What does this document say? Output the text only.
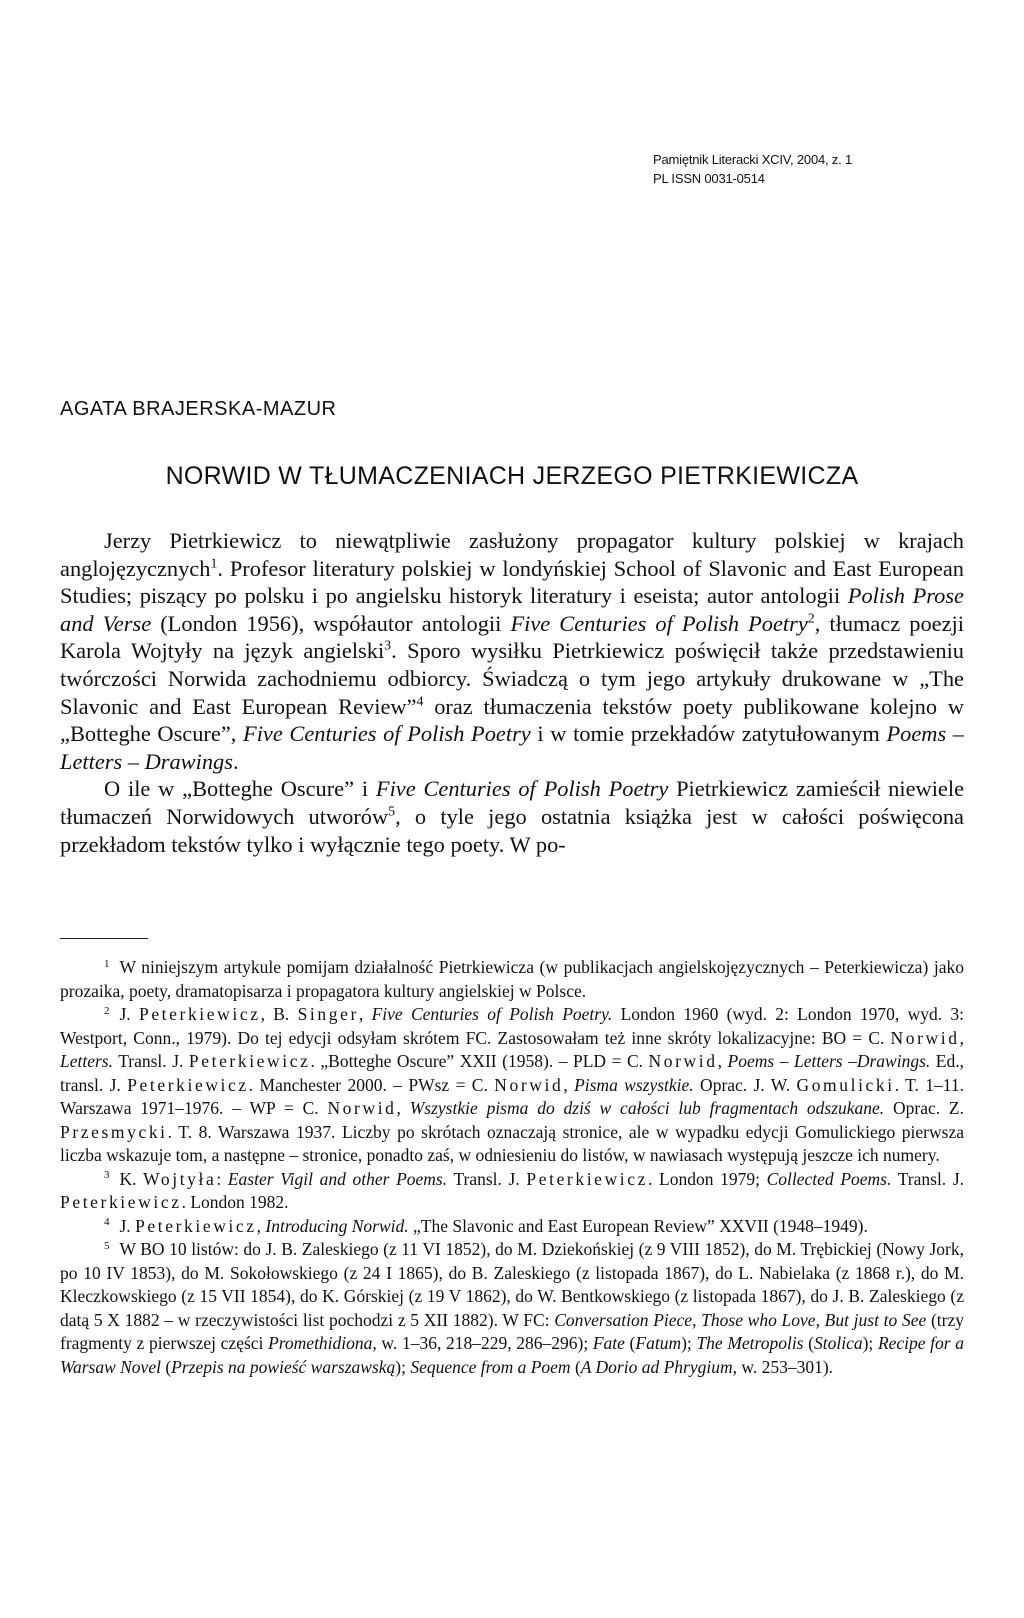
Pamiętnik Literacki XCIV, 2004, z. 1
PL ISSN 0031-0514
AGATA BRAJERSKA-MAZUR
NORWID W TŁUMACZENIACH JERZEGO PIETRKIEWICZA

Jerzy Pietrkiewicz to niewątpliwie zasłużony propagator kultury polskiej w krajach anglojęzycznych$^1$. Profesor literatury polskiej w londyńskiej School of Slavonic and East European Studies; piszący po polsku i po angielsku historyk literatury i eseista; autor antologii Polish Prose and Verse (London 1956), współautor antologii Five Centuries of Polish Poetry$^2$, tłumacz poezji Karola Wojtyły na język angielski$^3$. Sporo wysiłku Pietrkiewicz poświęcił także przedstawieniu twórczości Norwida zachodniemu odbiorcy. Świadczą o tym jego artykuły drukowane w „The Slavonic and East European Review”$^4$ oraz tłumaczenia tekstów poety publikowane kolejno w „Botteghe Oscure”, Five Centuries of Polish Poetry i w tomie przekładów zatytułowanym Poems – Letters – Drawings.

O ile w „Botteghe Oscure” i Five Centuries of Polish Poetry Pietrkiewicz zamieścił niewiele tłumaczeń Norwidowych utworów$^5$, o tyle jego ostatnia książka jest w całości poświęcona przekładom tekstów tylko i wyłącznie tego poety. W po-

$^1$ W niniejszym artykule pomijam działalność Pietrkiewicza (w publikacjach angielskojęzycznych – Peterkiewicza) jako prozaika, poety, dramatopisarza i propagatora kultury angielskiej w Polsce.

$^2$ J. Peterkiewicz, B. Singer, Five Centuries of Polish Poetry. London 1960 (wyd. 2: London 1970, wyd. 3: Westport, Conn., 1979). Do tej edycji odsyłam skrótem FC. Zastosowałam też inne skróty lokalizacyjne: BO = C. Norwid, Letters. Transl. J. Peterkiewicz. „Botteghe Oscure” XXII (1958). – PLD = C. Norwid, Poems – Letters –Drawings. Ed., transl. J. Peterkiewicz. Manchester 2000. – PWsz = C. Norwid, Pisma wszystkie. Oprac. J. W. Gomulicki. T. 1–11. Warszawa 1971–1976. – WP = C. Norwid, Wszystkie pisma do dziś w całości lub fragmentach odszukane. Oprac. Z. Przesmycki. T. 8. Warszawa 1937. Liczby po skrótach oznaczają stronice, ale w wypadku edycji Gomulickiego pierwsza liczba wskazuje tom, a następne – stronice, ponadto zaś, w odniesieniu do listów, w nawiasach występują jeszcze ich numery.

$^3$ K. Wojtyła: Easter Vigil and other Poems. Transl. J. Peterkiewicz. London 1979; Collected Poems. Transl. J. Peterkiewicz. London 1982.

$^4$ J. Peterkiewicz, Introducing Norwid. „The Slavonic and East European Review” XXVII (1948–1949).

$^5$ W BO 10 listów: do J. B. Zaleskiego (z 11 VI 1852), do M. Dziekońskiej (z 9 VIII 1852), do M. Trębickiej (Nowy Jork, po 10 IV 1853), do M. Sokołowskiego (z 24 I 1865), do B. Zaleskiego (z listopada 1867), do L. Nabielaka (z 1868 r.), do M. Kleczkowskiego (z 15 VII 1854), do K. Górskiej (z 19 V 1862), do W. Bentkowskiego (z listopada 1867), do J. B. Zaleskiego (z datą 5 X 1882 – w rzeczywistości list pochodzi z 5 XII 1882). W FC: Conversation Piece, Those who Love, But just to See (trzy fragmenty z pierwszej części Promethidiona, w. 1–36, 218–229, 286–296); Fate (Fatum); The Metropolis (Stolica); Recipe for a Warsaw Novel (Przepis na powieść warszawską); Sequence from a Poem (A Dorio ad Phrygium, w. 253–301).
